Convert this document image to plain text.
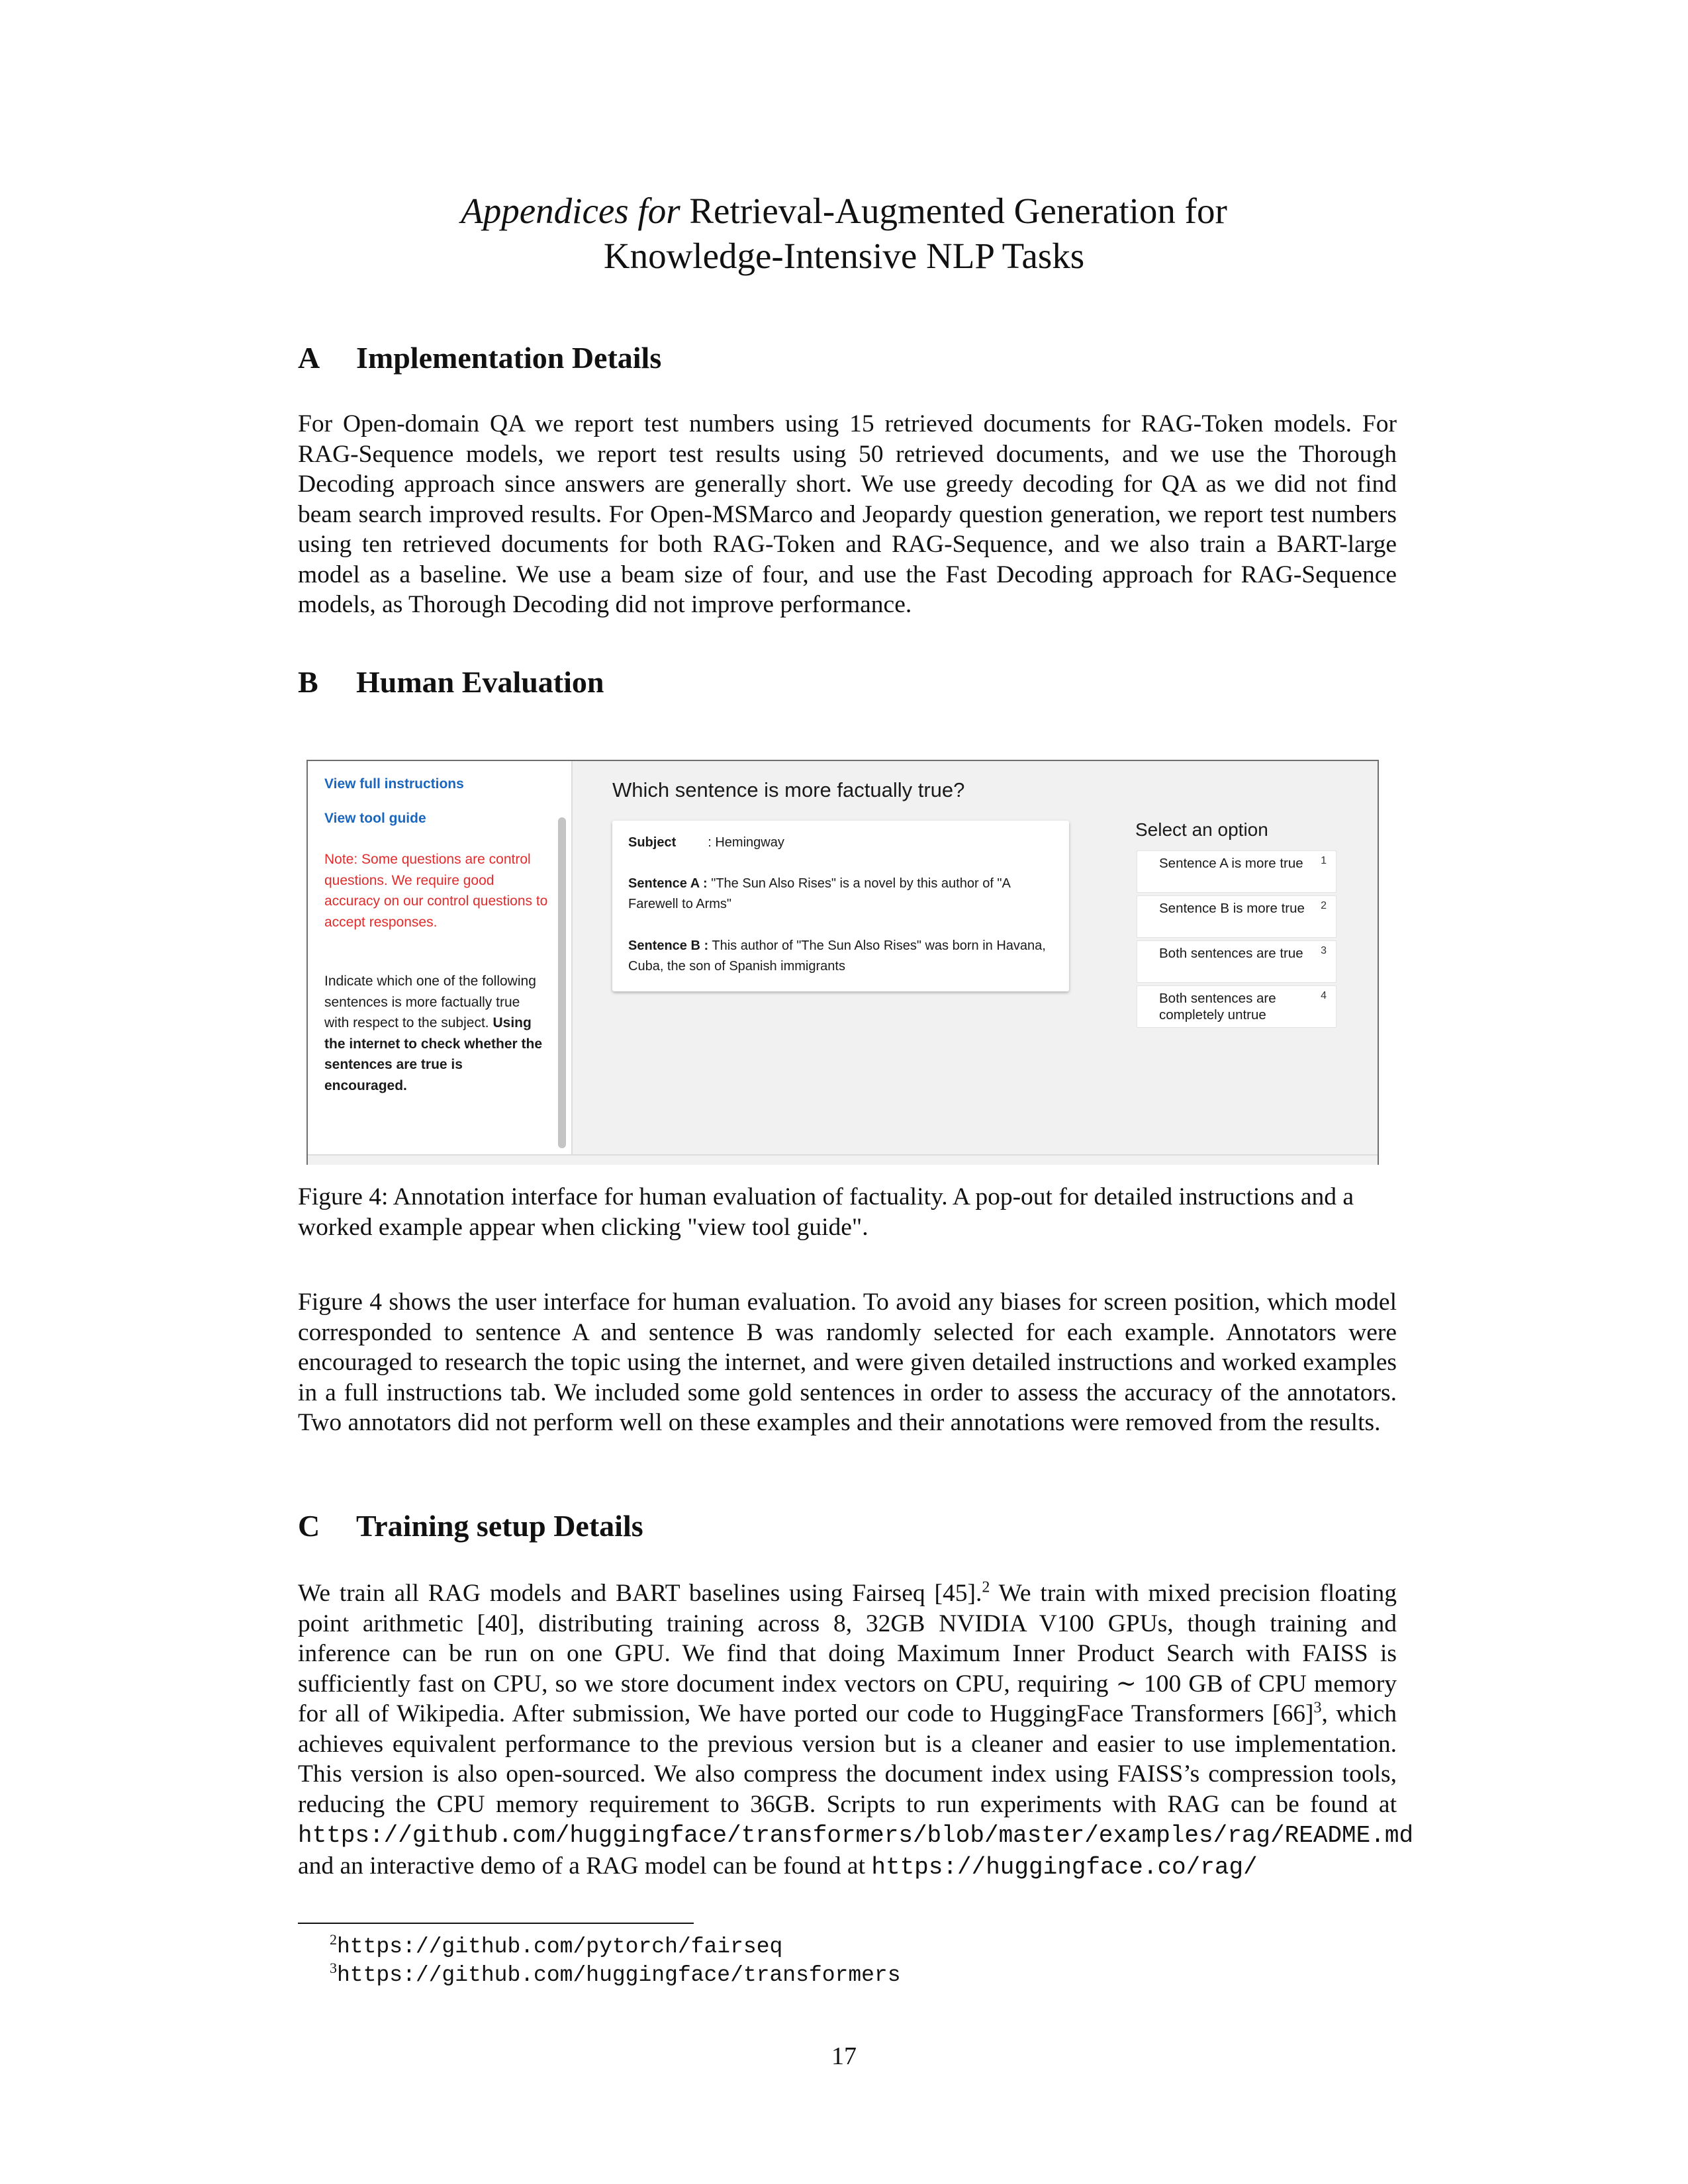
Appendices for Retrieval-Augmented Generation for
Knowledge-Intensive NLP Tasks
A Implementation Details
For Open-domain QA we report test numbers using 15 retrieved documents for RAG-Token models. For RAG-Sequence models, we report test results using 50 retrieved documents, and we use the Thorough Decoding approach since answers are generally short. We use greedy decoding for QA as we did not find beam search improved results. For Open-MSMarco and Jeopardy question generation, we report test numbers using ten retrieved documents for both RAG-Token and RAG-Sequence, and we also train a BART-large model as a baseline. We use a beam size of four, and use the Fast Decoding approach for RAG-Sequence models, as Thorough Decoding did not improve performance.
B Human Evaluation
View full instructions
View tool guide
Note: Some questions are control questions. We require good accuracy on our control questions to accept responses.
Indicate which one of the following sentences is more factually true with respect to the subject. Using the internet to check whether the sentences are true is encouraged.
Which sentence is more factually true?
Subject : Hemingway
Sentence A : "The Sun Also Rises" is a novel by this author of "A Farewell to Arms"
Sentence B : This author of "The Sun Also Rises" was born in Havana, Cuba, the son of Spanish immigrants
Select an option
Sentence A is more true	1
Sentence B is more true	2
Both sentences are true	3
Both sentences are completely untrue
4
Figure 4: Annotation interface for human evaluation of factuality. A pop-out for detailed instructions and a worked example appear when clicking "view tool guide".
Figure 4 shows the user interface for human evaluation. To avoid any biases for screen position, which model corresponded to sentence A and sentence B was randomly selected for each example. Annotators were encouraged to research the topic using the internet, and were given detailed instructions and worked examples in a full instructions tab. We included some gold sentences in order to assess the accuracy of the annotators. Two annotators did not perform well on these examples and their annotations were removed from the results.
C Training setup Details
We train all RAG models and BART baselines using Fairseq [45].$^2$ We train with mixed precision floating point arithmetic [40], distributing training across 8, 32GB NVIDIA V100 GPUs, though training and inference can be run on one GPU. We find that doing Maximum Inner Product Search with FAISS is sufficiently fast on CPU, so we store document index vectors on CPU, requiring ∼ 100 GB of CPU memory for all of Wikipedia. After submission, We have ported our code to HuggingFace Transformers $[66]^3$, which achieves equivalent performance to the previous version but is a cleaner and easier to use implementation. This version is also open-sourced. We also compress the document index using FAISS’s compression tools, reducing the CPU memory requirement to 36GB. Scripts to run experiments with RAG can be found at https://github.com/huggingface/transformers/blob/master/examples/rag/README.md and an interactive demo of a RAG model can be found at https://huggingface.co/rag/
$^2$https://github.com/pytorch/fairseq
$^3$https://github.com/huggingface/transformers
17
